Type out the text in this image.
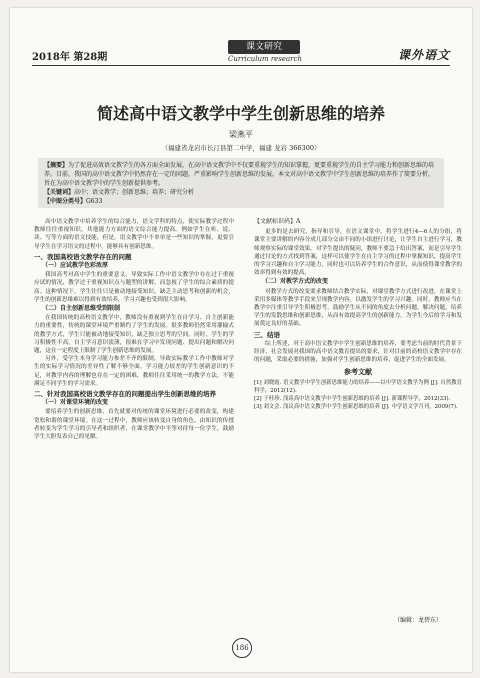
2018年 第28期
课文研究
Curriculum research	课外语文
简述高中语文教学中学生创新思维的培养
梁燕平
（福建省龙岩市长汀县第二中学，福建 龙岩 366300）
【摘要】为了促进高效语文教学生的各方面全面发展，在高中语文教学中不仅要重视学生的知识掌握，更要重视学生的自主学习能力和创新思维的培养。目前，我国的高中语文教学中仍然存在一定的问题，严重影响学生创新思维的发展。本文对高中语文教学中学生创新思维的培养作了简要分析，旨在为高中语文教学中的学生创新提供参考。
【关键词】高中；语文教学；创新思维；培养；研究分析
【中图分类号】G633

高中语文教学中培养学生的综合能力，语文学科的特点，使实际教学过程中教师往往重视知识，其他能力方面的语文综合能力提高。例如学生在听、说、读、写等方面的语文技能，但是，语文教学中不单单是一些知识的掌握，更要引导学生在学习语文的过程中，能够具有创新思维。

一、我国高校语文教学存在的问题

（一）应试教学色彩浓厚

我国高考对高中学生的重要意义，导致实际工作中语文教学中存在过于重视应试的情况，教学过于重视知识点与题型的讲解，而忽视了学生的综合素质的提高。这种情况下，学生往往只是被动地接受知识，缺乏主动思考和创新的机会，学生的创新思维难以得到有效培养，学习兴趣也受到很大影响。

（二）自主创新思维受到限制

在我国传统的高校语文教学中，教师没有重视到学生在自学习、自主创新能力的重要性，传统的课堂环境严重制约了学生的发展。很多教师仍然采用灌输式的教学方式，学生只能被动地接受知识，缺乏独立思考的空间。同时，学生的学习积极性不高，自主学习意识淡薄，很难在学习中发现问题、提出问题和解决问题，这在一定程度上限制了学生创新思维的发展。

另外，受学生本身学习能力参差不齐的限制，导致实际教学工作中教师对学生的实际学习情况的差异性了解不够全面，学习能力较差的学生创新意识的不足，对教学内容的理解也存在一定的困难，教师往往采用统一的教学方法，不能满足不同学生的学习需求。

二、针对我国高校语文教学存在的问题提出学生创新思维的培养

（一）对课堂环境的改变

要培养学生的创新思维，首先就要对传统的课堂环境进行必要的改变，构建宽松和谐的课堂环境。在这一过程中，教师应该转变自身的角色，由知识的传授者转变为学生学习的引导者和组织者，在课堂教学中平等对待每一位学生，鼓励学生大胆发表自己的见解。

【文献标识码】A

更多的是去研究、指导和引导，在语文课堂中，将学生进行4—6人的分组，将课堂主要讲解的内容分成几部分交由不同的小组进行讨论，让学生自主进行学习，教师观察实际的课堂效果。对学生提出的疑问，教师不要急于给出答案，而是引导学生通过讨论的方式找到答案，这样可以使学生在自主学习的过程中掌握知识，提高学生的学习兴趣和自主学习能力，同时也可以培养学生的合作意识，从而使得课堂教学的效率得到有效的提高。

（二）对教学方式的改变

对教学方式的改变要求教师结合教学实际，对课堂教学方式进行改进，在课堂上采用多媒体等教学手段来呈现教学内容，以激发学生的学习兴趣。同时，教师应当在教学中注重引导学生积极思考，鼓励学生从不同的角度去分析问题、解决问题，培养学生的发散思维和创新思维，从而有效提高学生的创新能力，为学生今后的学习和发展奠定良好的基础。

三、结语

综上所述，对于高中语文教学中学生创新思维的培养，要考虑当前的时代背景下经济、社会发展对我国的高中语文教育提出的要求，针对目前的高校语文教学中存在的问题，采取必要的措施，加强对学生创新思维的培养，促进学生的全面发展。

参考文献

[1] 刘晓霞. 语文教学中学生创新思维能力的培养——以中学语文教学为例 [J]. 自然教育科学，2012(12).

[2] 于桂珍. 浅谈高中语文教学中学生创新思维的培养 [J]. 新课程导学，2012(33).

[3] 刘文会. 浅议高中语文教学中学生创新思维的培养 [J]. 中学语文学月刊，2009(7).

（编辑：龙碧东）
186
